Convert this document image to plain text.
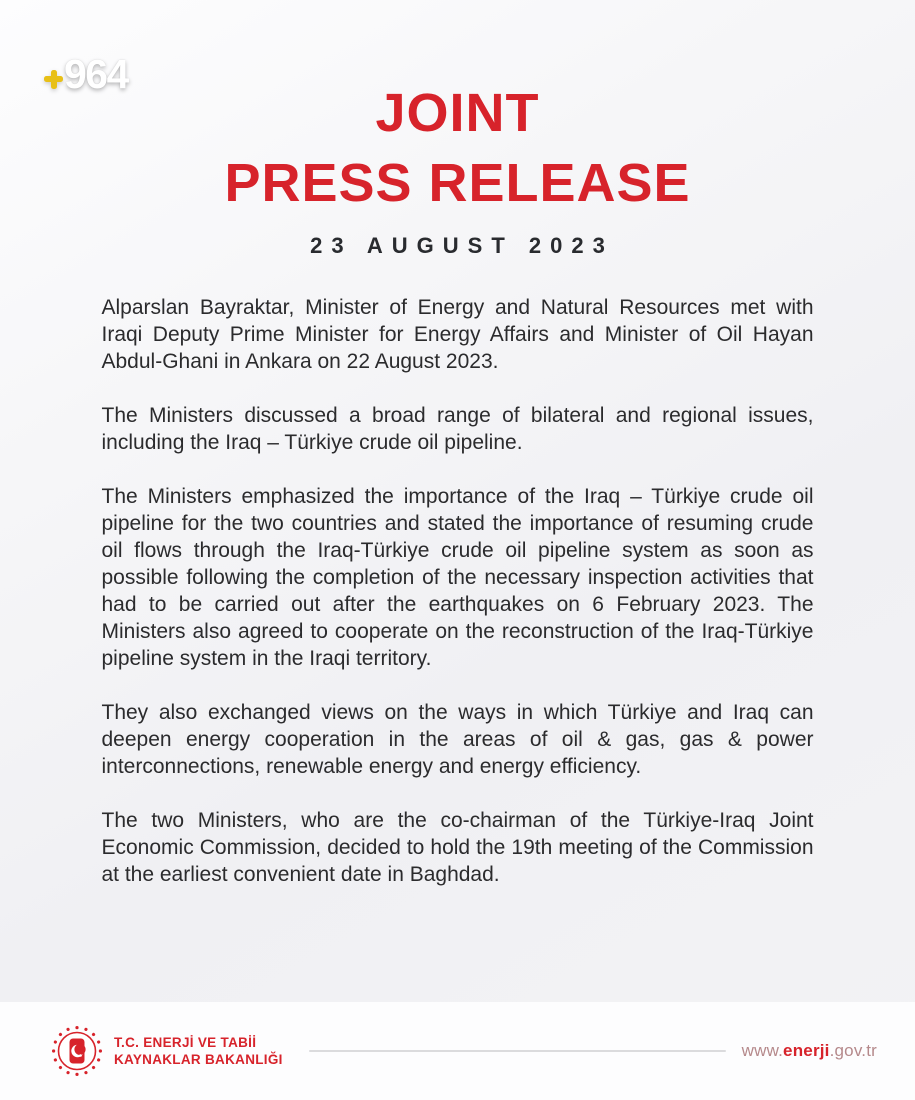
964
JOINT
PRESS RELEASE
23 AUGUST 2023

Alparslan Bayraktar, Minister of Energy and Natural Resources met with Iraqi Deputy Prime Minister for Energy Affairs and Minister of Oil Hayan Abdul-Ghani in Ankara on 22 August 2023.

The Ministers discussed a broad range of bilateral and regional issues, including the Iraq – Türkiye crude oil pipeline.

The Ministers emphasized the importance of the Iraq – Türkiye crude oil pipeline for the two countries and stated the importance of resuming crude oil flows through the Iraq-Türkiye crude oil pipeline system as soon as possible following the completion of the necessary inspection activities that had to be carried out after the earthquakes on 6 February 2023. The Ministers also agreed to cooperate on the reconstruction of the Iraq-Türkiye pipeline system in the Iraqi territory.

They also exchanged views on the ways in which Türkiye and Iraq can deepen energy cooperation in the areas of oil & gas, gas & power interconnections, renewable energy and energy efficiency.

The two Ministers, who are the co-chairman of the Türkiye-Iraq Joint Economic Commission, decided to hold the 19th meeting of the Commission at the earliest convenient date in Baghdad.

T.C. ENERJİ VE TABİİ
KAYNAKLAR BAKANLIĞI	www.enerji.gov.tr
